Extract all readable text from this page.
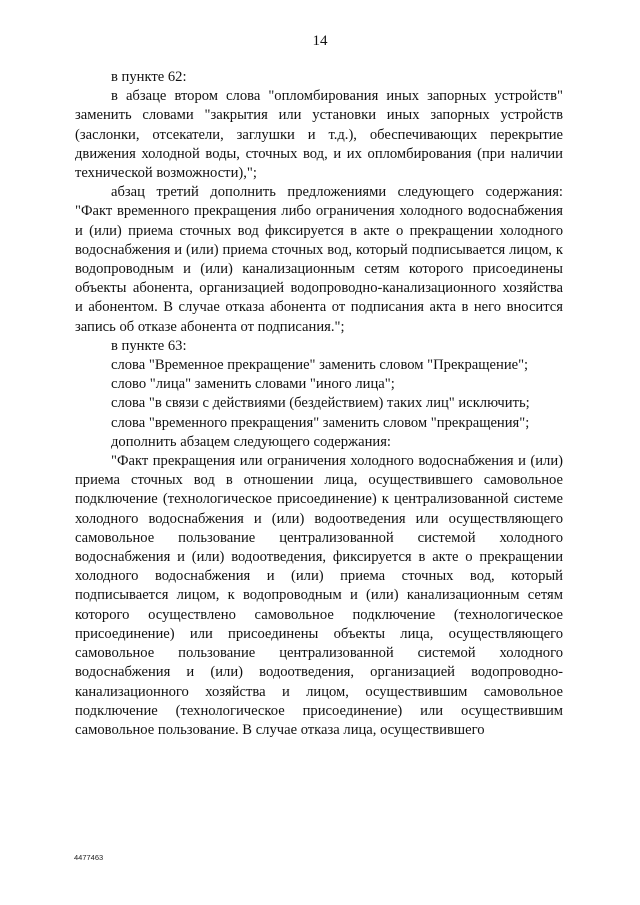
14

в пункте 62:

в абзаце втором слова "опломбирования иных запорных устройств" заменить словами "закрытия или установки иных запорных устройств (заслонки, отсекатели, заглушки и т.д.), обеспечивающих перекрытие движения холодной воды, сточных вод, и их опломбирования (при наличии технической возможности),";

абзац третий дополнить предложениями следующего содержания: "Факт временного прекращения либо ограничения холодного водоснабжения и (или) приема сточных вод фиксируется в акте о прекращении холодного водоснабжения и (или) приема сточных вод, который подписывается лицом, к водопроводным и (или) канализационным сетям которого присоединены объекты абонента, организацией водопроводно-канализационного хозяйства и абонентом. В случае отказа абонента от подписания акта в него вносится запись об отказе абонента от подписания.";

в пункте 63:

слова "Временное прекращение" заменить словом "Прекращение";

слово "лица" заменить словами "иного лица";

слова "в связи с действиями (бездействием) таких лиц" исключить;

слова "временного прекращения" заменить словом "прекращения";

дополнить абзацем следующего содержания:

"Факт прекращения или ограничения холодного водоснабжения и (или) приема сточных вод в отношении лица, осуществившего самовольное подключение (технологическое присоединение) к централизованной системе холодного водоснабжения и (или) водоотведения или осуществляющего самовольное пользование централизованной системой холодного водоснабжения и (или) водоотведения, фиксируется в акте о прекращении холодного водоснабжения и (или) приема сточных вод, который подписывается лицом, к водопроводным и (или) канализационным сетям которого осуществлено самовольное подключение (технологическое присоединение) или присоединены объекты лица, осуществляющего самовольное пользование централизованной системой холодного водоснабжения и (или) водоотведения, организацией водопроводно-канализационного хозяйства и лицом, осуществившим самовольное подключение (технологическое присоединение) или осуществившим самовольное пользование. В случае отказа лица, осуществившего

4477463
